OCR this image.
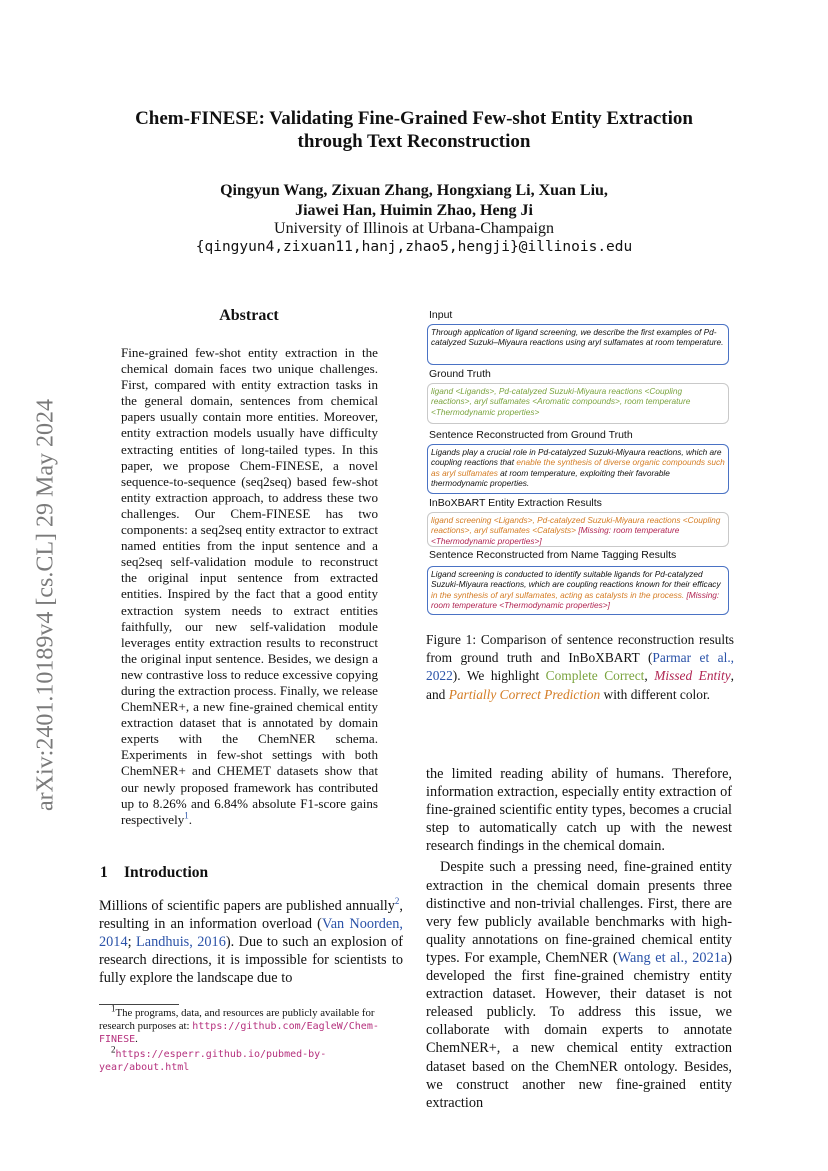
arXiv:2401.10189v4 [cs.CL] 29 May 2024
Chem-FINESE: Validating Fine-Grained Few-shot Entity Extraction
through Text Reconstruction
Qingyun Wang, Zixuan Zhang, Hongxiang Li, Xuan Liu,
Jiawei Han, Huimin Zhao, Heng Ji
University of Illinois at Urbana-Champaign
{qingyun4,zixuan11,hanj,zhao5,hengji}@illinois.edu
Abstract
Fine-grained few-shot entity extraction in the chemical domain faces two unique challenges. First, compared with entity extraction tasks in the general domain, sentences from chemical papers usually contain more entities. Moreover, entity extraction models usually have difficulty extracting entities of long-tailed types. In this paper, we propose Chem-FINESE, a novel sequence-to-sequence (seq2seq) based few-shot entity extraction approach, to address these two challenges. Our Chem-FINESE has two components: a seq2seq entity extractor to extract named entities from the input sentence and a seq2seq self-validation module to reconstruct the original input sentence from extracted entities. Inspired by the fact that a good entity extraction system needs to extract entities faithfully, our new self-validation module leverages entity extraction results to reconstruct the original input sentence. Besides, we design a new contrastive loss to reduce excessive copying during the extraction process. Finally, we release ChemNER+, a new fine-grained chemical entity extraction dataset that is annotated by domain experts with the ChemNER schema. Experiments in few-shot settings with both ChemNER+ and CHEMET datasets show that our newly proposed framework has contributed up to 8.26% and 6.84% absolute F1-score gains respectively$^1$.
1 Introduction
Millions of scientific papers are published annually$^2$, resulting in an information overload (Van Noorden, 2014; Landhuis, 2016). Due to such an explosion of research directions, it is impossible for scientists to fully explore the landscape due to

$^1$The programs, data, and resources are publicly available for research purposes at: https://github.com/EagleW/Chem-FINESE.

$^2$https://esperr.github.io/pubmed-by-year/about.html

Input
Through application of ligand screening, we describe the first examples of Pd-catalyzed Suzuki–Miyaura reactions using aryl sulfamates at room temperature.
Ground Truth
ligand <Ligands>, Pd-catalyzed Suzuki-Miyaura reactions <Coupling reactions>, aryl sulfamates <Aromatic compounds>, room temperature <Thermodynamic properties>
Sentence Reconstructed from Ground Truth
Ligands play a crucial role in Pd-catalyzed Suzuki-Miyaura reactions, which are coupling reactions that enable the synthesis of diverse organic compounds such as aryl sulfamates at room temperature, exploiting their favorable thermodynamic properties.
InBoXBART Entity Extraction Results
ligand screening <Ligands>, Pd-catalyzed Suzuki-Miyaura reactions <Coupling reactions>, aryl sulfamates <Catalysts> [Missing: room temperature <Thermodynamic properties>]
Sentence Reconstructed from Name Tagging Results
Ligand screening is conducted to identify suitable ligands for Pd-catalyzed Suzuki-Miyaura reactions, which are coupling reactions known for their efficacy in the synthesis of aryl sulfamates, acting as catalysts in the process. [Missing: room temperature <Thermodynamic properties>]
Figure 1: Comparison of sentence reconstruction results from ground truth and InBoXBART (Parmar et al., 2022). We highlight Complete Correct, Missed Entity, and Partially Correct Prediction with different color.

the limited reading ability of humans. Therefore, information extraction, especially entity extraction of fine-grained scientific entity types, becomes a crucial step to automatically catch up with the newest research findings in the chemical domain.

Despite such a pressing need, fine-grained entity extraction in the chemical domain presents three distinctive and non-trivial challenges. First, there are very few publicly available benchmarks with high-quality annotations on fine-grained chemical entity types. For example, ChemNER (Wang et al., 2021a) developed the first fine-grained chemistry entity extraction dataset. However, their dataset is not released publicly. To address this issue, we collaborate with domain experts to annotate ChemNER+, a new chemical entity extraction dataset based on the ChemNER ontology. Besides, we construct another new fine-grained entity extraction
